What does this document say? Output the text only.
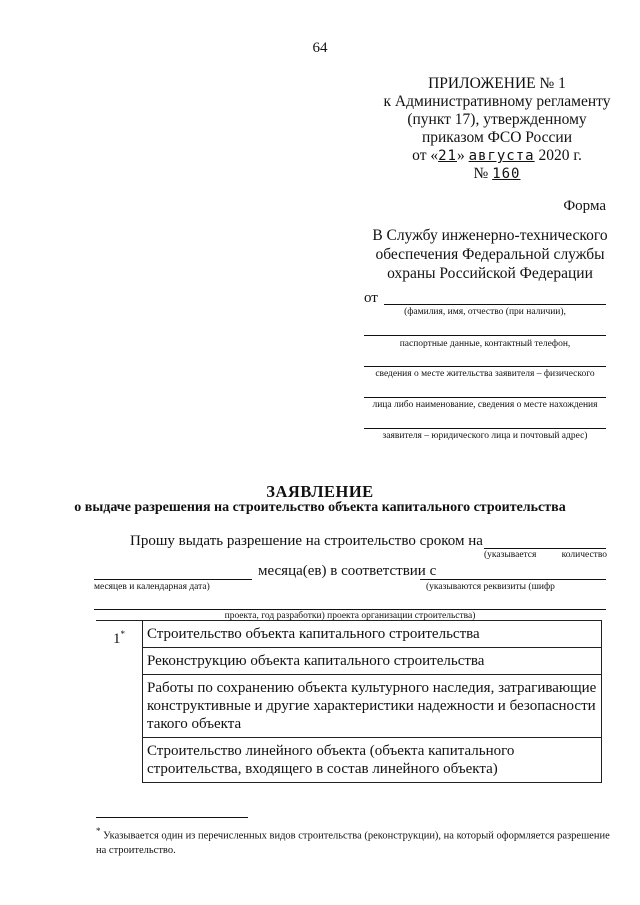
64
ПРИЛОЖЕНИЕ № 1
к Административному регламенту
(пункт 17), утвержденному
приказом ФСО России
от «21» августа 2020 г.
№ 160
Форма
В Службу инженерно-технического
обеспечения Федеральной службы
охраны Российской Федерации
от
(фамилия, имя, отчество (при наличии),
паспортные данные, контактный телефон,
сведения о месте жительства заявителя – физического
лица либо наименование, сведения о месте нахождения
заявителя – юридического лица и почтовый адрес)
ЗАЯВЛЕНИЕ
о выдаче разрешения на строительство объекта капитального строительства
Прошу выдать разрешение на строительство сроком на
(указывается	количество
месяца(ев) в соответствии с
месяцев и календарная дата)	(указываются реквизиты (шифр
проекта, год разработки) проекта организации строительства)
1*	Строительство объекта капитального строительства
Реконструкцию объекта капитального строительства
Работы по сохранению объекта культурного наследия, затрагивающие конструктивные и другие характеристики надежности и безопасности такого объекта
Строительство линейного объекта (объекта капитального строительства, входящего в состав линейного объекта)
* Указывается один из перечисленных видов строительства (реконструкции), на который оформляется разрешение на строительство.
